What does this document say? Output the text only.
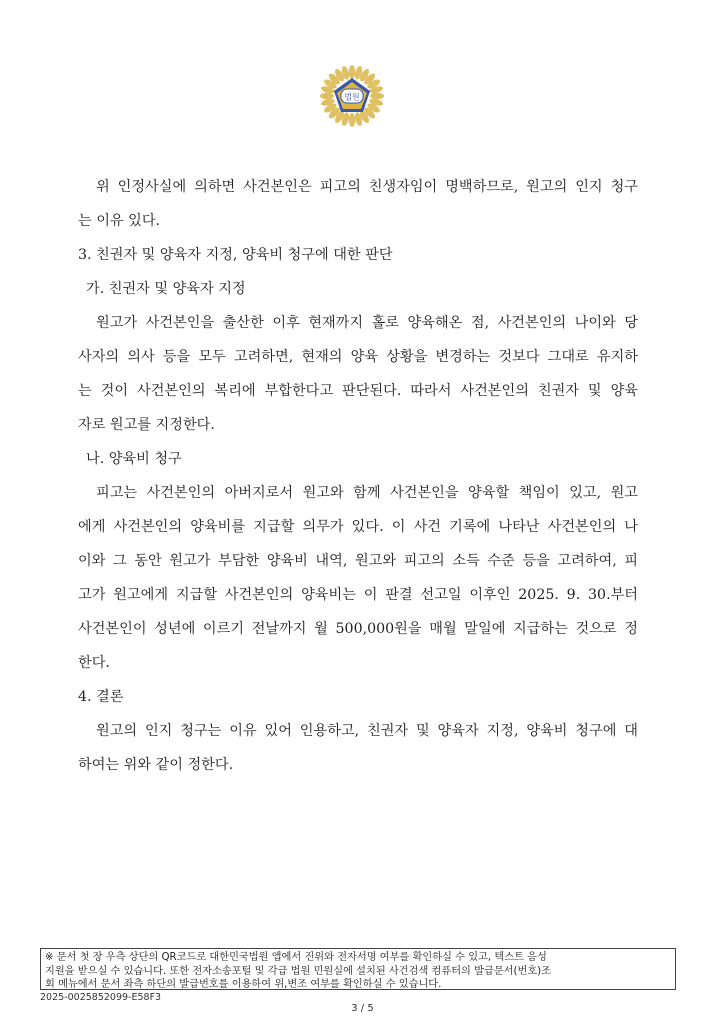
법원
위 인정사실에 의하면 사건본인은 피고의 친생자임이 명백하므로, 원고의 인지 청구
는 이유 있다.
3. 친권자 및 양육자 지정, 양육비 청구에 대한 판단
가. 친권자 및 양육자 지정
원고가 사건본인을 출산한 이후 현재까지 홀로 양육해온 점, 사건본인의 나이와 당
사자의 의사 등을 모두 고려하면, 현재의 양육 상황을 변경하는 것보다 그대로 유지하
는 것이 사건본인의 복리에 부합한다고 판단된다. 따라서 사건본인의 친권자 및 양육
자로 원고를 지정한다.
나. 양육비 청구
피고는 사건본인의 아버지로서 원고와 함께 사건본인을 양육할 책임이 있고, 원고
에게 사건본인의 양육비를 지급할 의무가 있다. 이 사건 기록에 나타난 사건본인의 나
이와 그 동안 원고가 부담한 양육비 내역, 원고와 피고의 소득 수준 등을 고려하여, 피
고가 원고에게 지급할 사건본인의 양육비는 이 판결 선고일 이후인 2025. 9. 30.부터
사건본인이 성년에 이르기 전날까지 월 500,000원을 매월 말일에 지급하는 것으로 정
한다.
4. 결론
원고의 인지 청구는 이유 있어 인용하고, 친권자 및 양육자 지정, 양육비 청구에 대
하여는 위와 같이 정한다.
※ 문서 첫 장 우측 상단의 QR코드로 대한민국법원 앱에서 진위와 전자서명 여부를 확인하실 수 있고, 텍스트 음성
지원을 받으실 수 있습니다. 또한 전자소송포털 및 각급 법원 민원실에 설치된 사건검색 컴퓨터의 발급문서(번호)조
회 메뉴에서 문서 좌측 하단의 발급번호를 이용하여 위,변조 여부를 확인하실 수 있습니다.
2025-0025852099-E58F3
3 / 5
